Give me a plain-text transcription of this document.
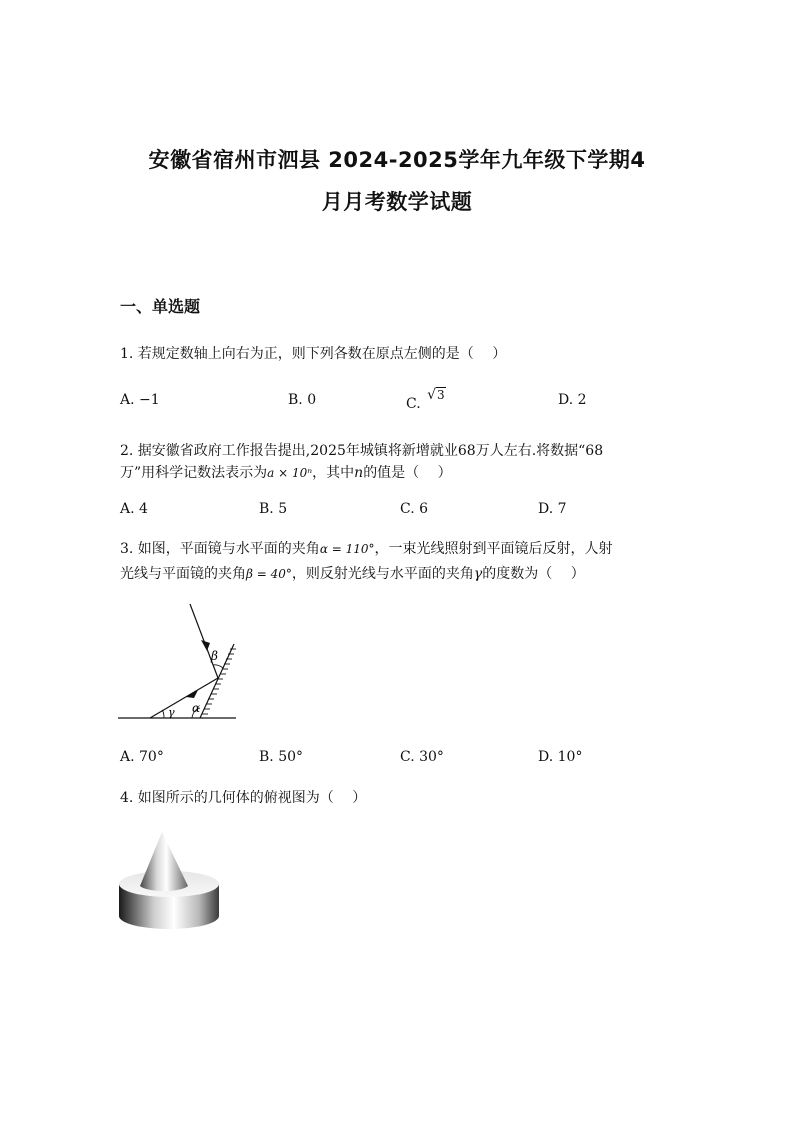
安徽省宿州市泗县 2024-2025学年九年级下学期4
月月考数学试题
一、单选题
1. 若规定数轴上向右为正，则下列各数在原点左侧的是（　 ）
A. −1	B. 0	C. √3	D. 2
2. 据安徽省政府工作报告提出,2025年城镇将新增就业68万人左右.将数据“68
万”用科学记数法表示为a × 10ⁿ，其中n的值是（　 ）
A. 4	B. 5	C. 6	D. 7
3. 如图，平面镜与水平面的夹角α = 110°，一束光线照射到平面镜后反射，人射
光线与平面镜的夹角β = 40°，则反射光线与水平面的夹角γ的度数为（　 ）
β
α
γ
A. 70°	B. 50°	C. 30°	D. 10°
4. 如图所示的几何体的俯视图为（　 ）
